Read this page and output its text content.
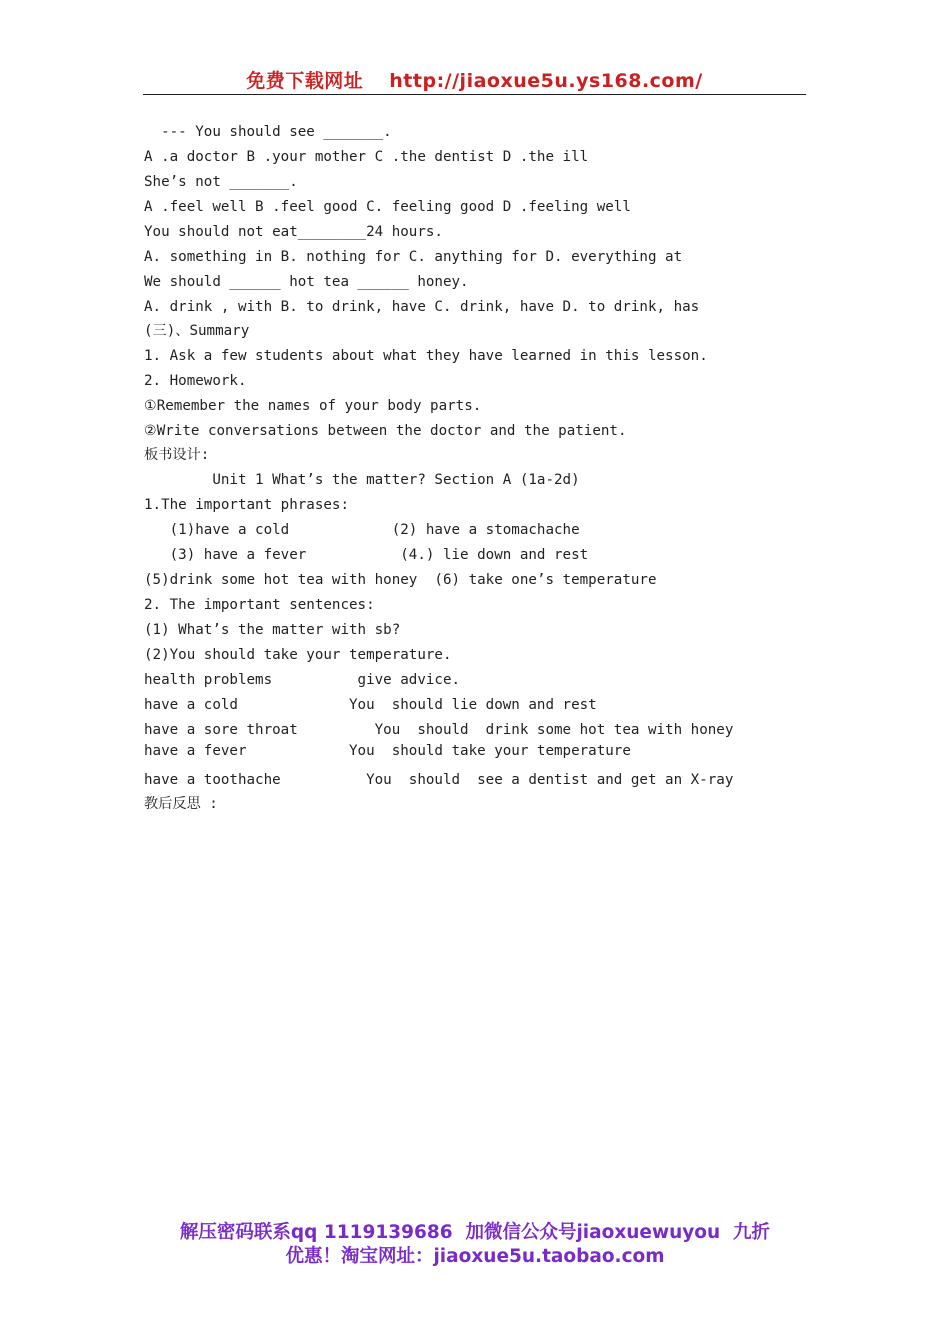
免费下载网址 http://jiaoxue5u.ys168.com/
--- You should see _______.
A .a doctor B .your mother C .the dentist D .the ill
She’s not _______.
A .feel well B .feel good C. feeling good D .feeling well
You should not eat________24 hours.
A. something in B. nothing for C. anything for D. everything at
We should ______ hot tea ______ honey.
A. drink , with B. to drink, have C. drink, have D. to drink, has
(三)、Summary
1. Ask a few students about what they have learned in this lesson.
2. Homework.
①Remember the names of your body parts.
②Write conversations between the doctor and the patient.
板书设计:
Unit 1 What’s the matter? Section A (1a-2d)
1.The important phrases:
(1)have a cold            (2) have a stomachache
(3) have a fever           (4.) lie down and rest
(5)drink some hot tea with honey  (6) take one’s temperature
2. The important sentences:
(1) What’s the matter with sb?
(2)You should take your temperature.
health problems          give advice.
have a cold             You  should lie down and rest
have a sore throat         You  should  drink some hot tea with honey
have a fever            You  should take your temperature
have a toothache          You  should  see a dentist and get an X-ray
教后反思 :
解压密码联系qq 1119139686  加微信公众号jiaoxuewuyou  九折
优惠！淘宝网址：jiaoxue5u.taobao.com
